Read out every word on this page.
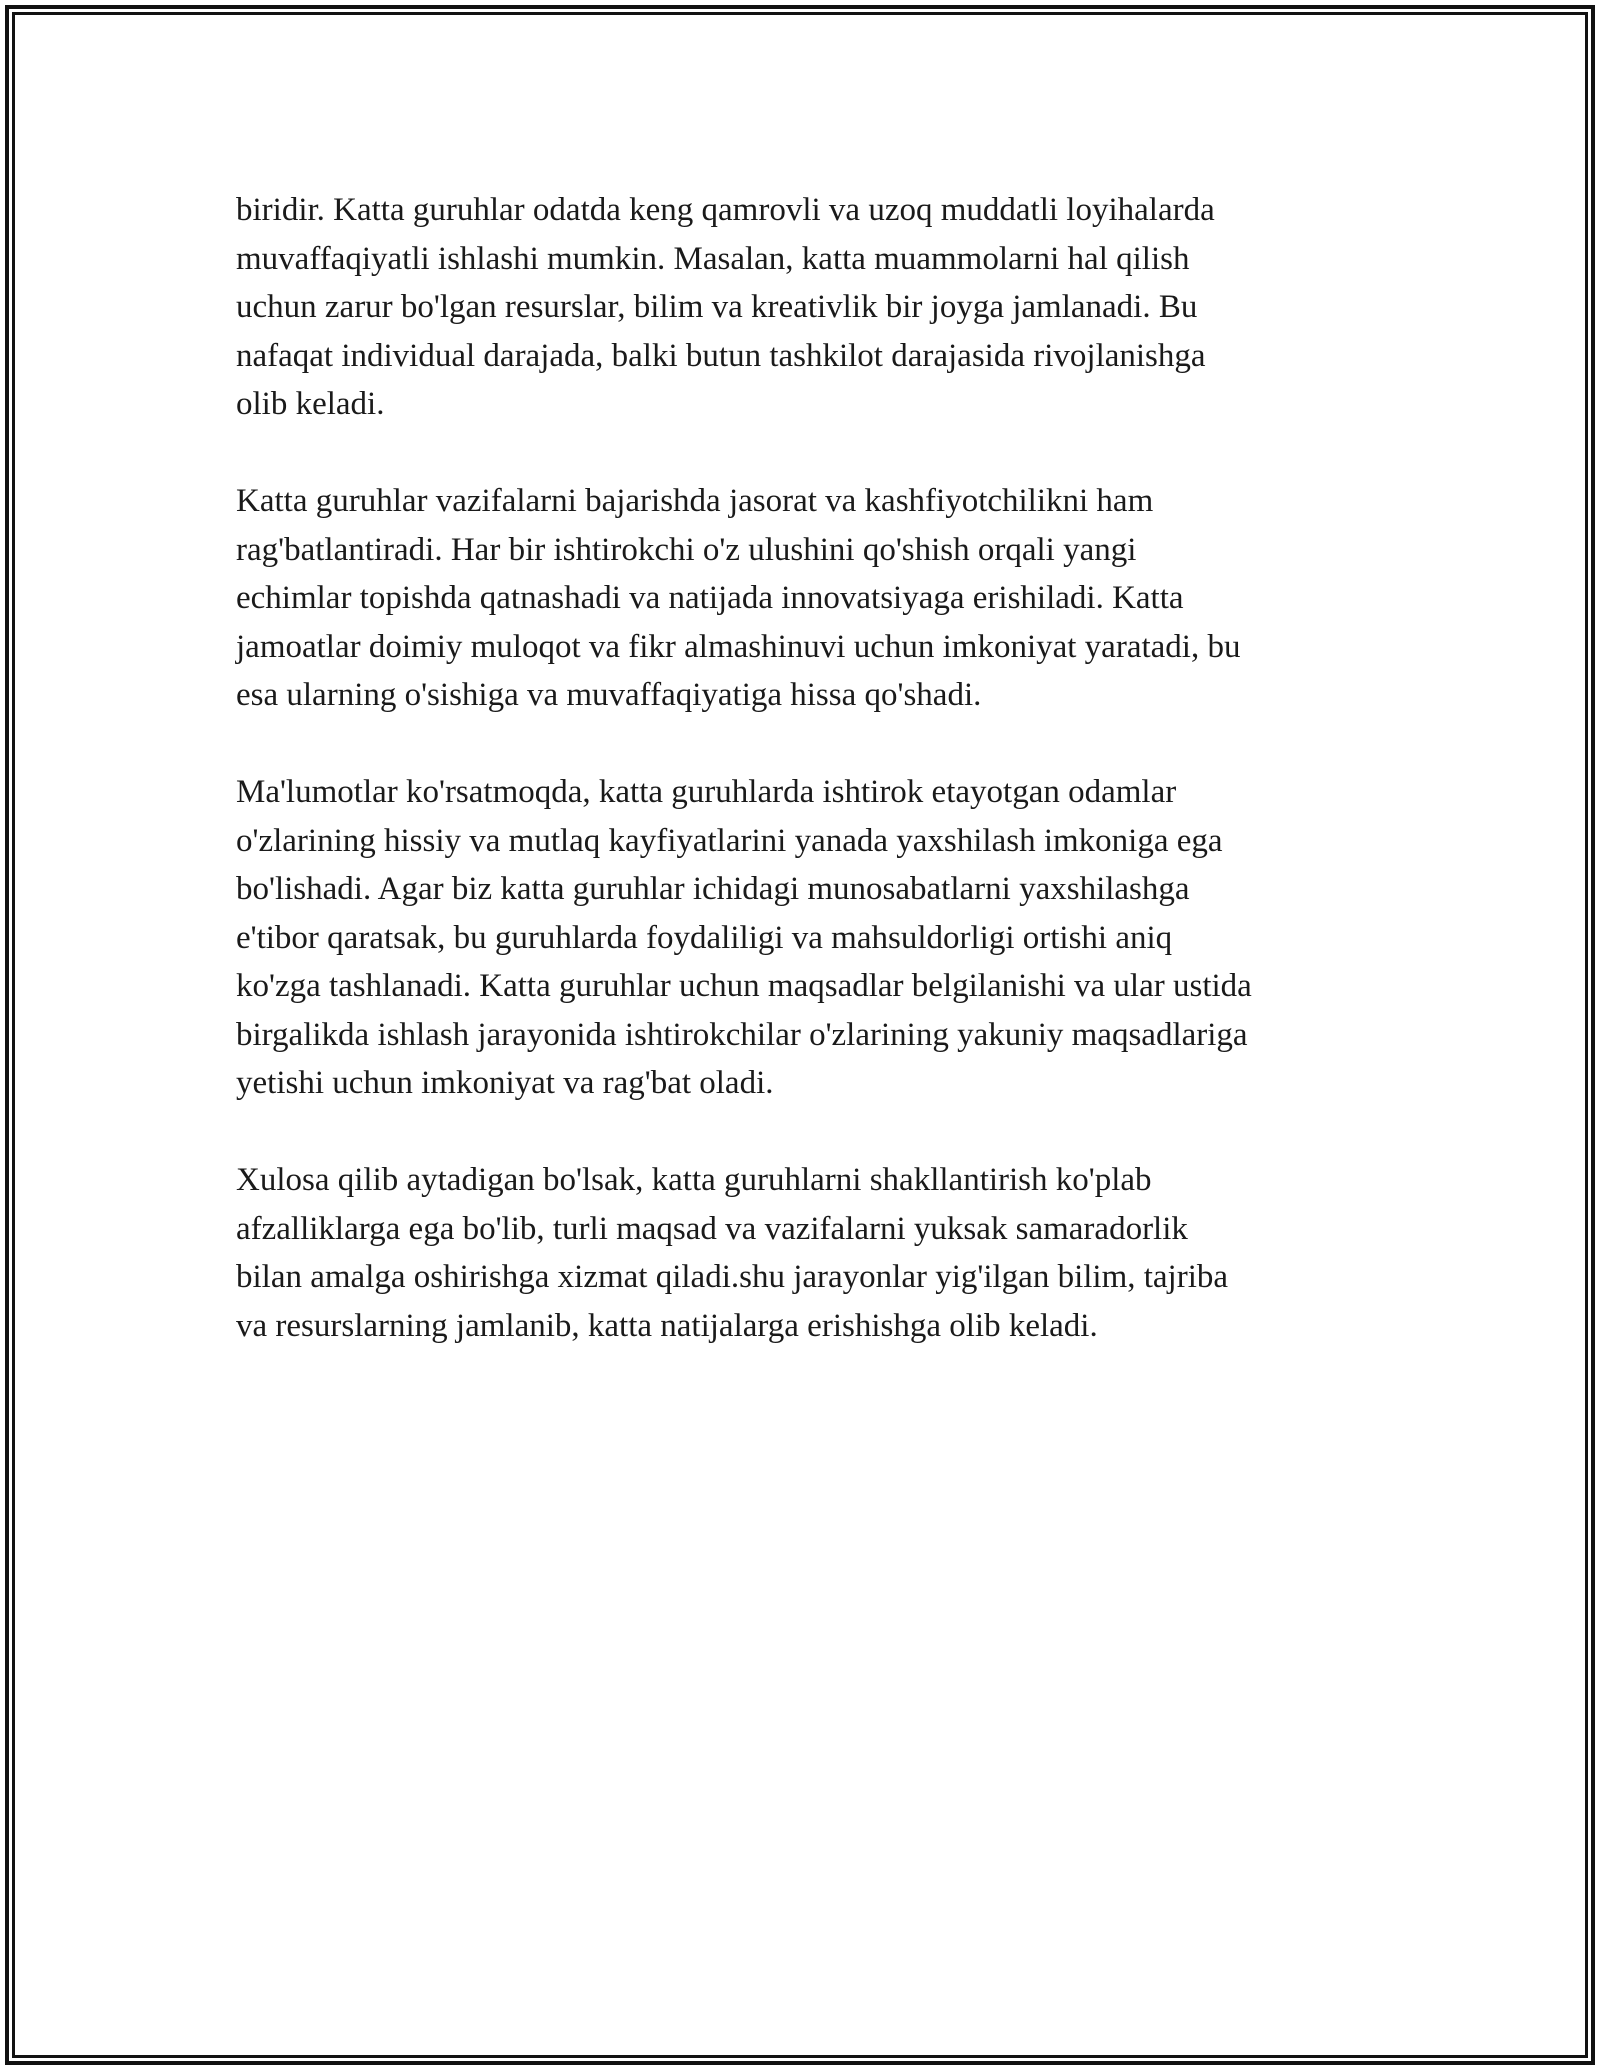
biridir. Katta guruhlar odatda keng qamrovli va uzoq muddatli loyihalarda
muvaffaqiyatli ishlashi mumkin. Masalan, katta muammolarni hal qilish
uchun zarur bo'lgan resurslar, bilim va kreativlik bir joyga jamlanadi. Bu
nafaqat individual darajada, balki butun tashkilot darajasida rivojlanishga
olib keladi.

Katta guruhlar vazifalarni bajarishda jasorat va kashfiyotchilikni ham
rag'batlantiradi. Har bir ishtirokchi o'z ulushini qo'shish orqali yangi
echimlar topishda qatnashadi va natijada innovatsiyaga erishiladi. Katta
jamoatlar doimiy muloqot va fikr almashinuvi uchun imkoniyat yaratadi, bu
esa ularning o'sishiga va muvaffaqiyatiga hissa qo'shadi.

Ma'lumotlar ko'rsatmoqda, katta guruhlarda ishtirok etayotgan odamlar
o'zlarining hissiy va mutlaq kayfiyatlarini yanada yaxshilash imkoniga ega
bo'lishadi. Agar biz katta guruhlar ichidagi munosabatlarni yaxshilashga
e'tibor qaratsak, bu guruhlarda foydaliligi va mahsuldorligi ortishi aniq
ko'zga tashlanadi. Katta guruhlar uchun maqsadlar belgilanishi va ular ustida
birgalikda ishlash jarayonida ishtirokchilar o'zlarining yakuniy maqsadlariga
yetishi uchun imkoniyat va rag'bat oladi.

Xulosa qilib aytadigan bo'lsak, katta guruhlarni shakllantirish ko'plab
afzalliklarga ega bo'lib, turli maqsad va vazifalarni yuksak samaradorlik
bilan amalga oshirishga xizmat qiladi.shu jarayonlar yig'ilgan bilim, tajriba
va resurslarning jamlanib, katta natijalarga erishishga olib keladi.
